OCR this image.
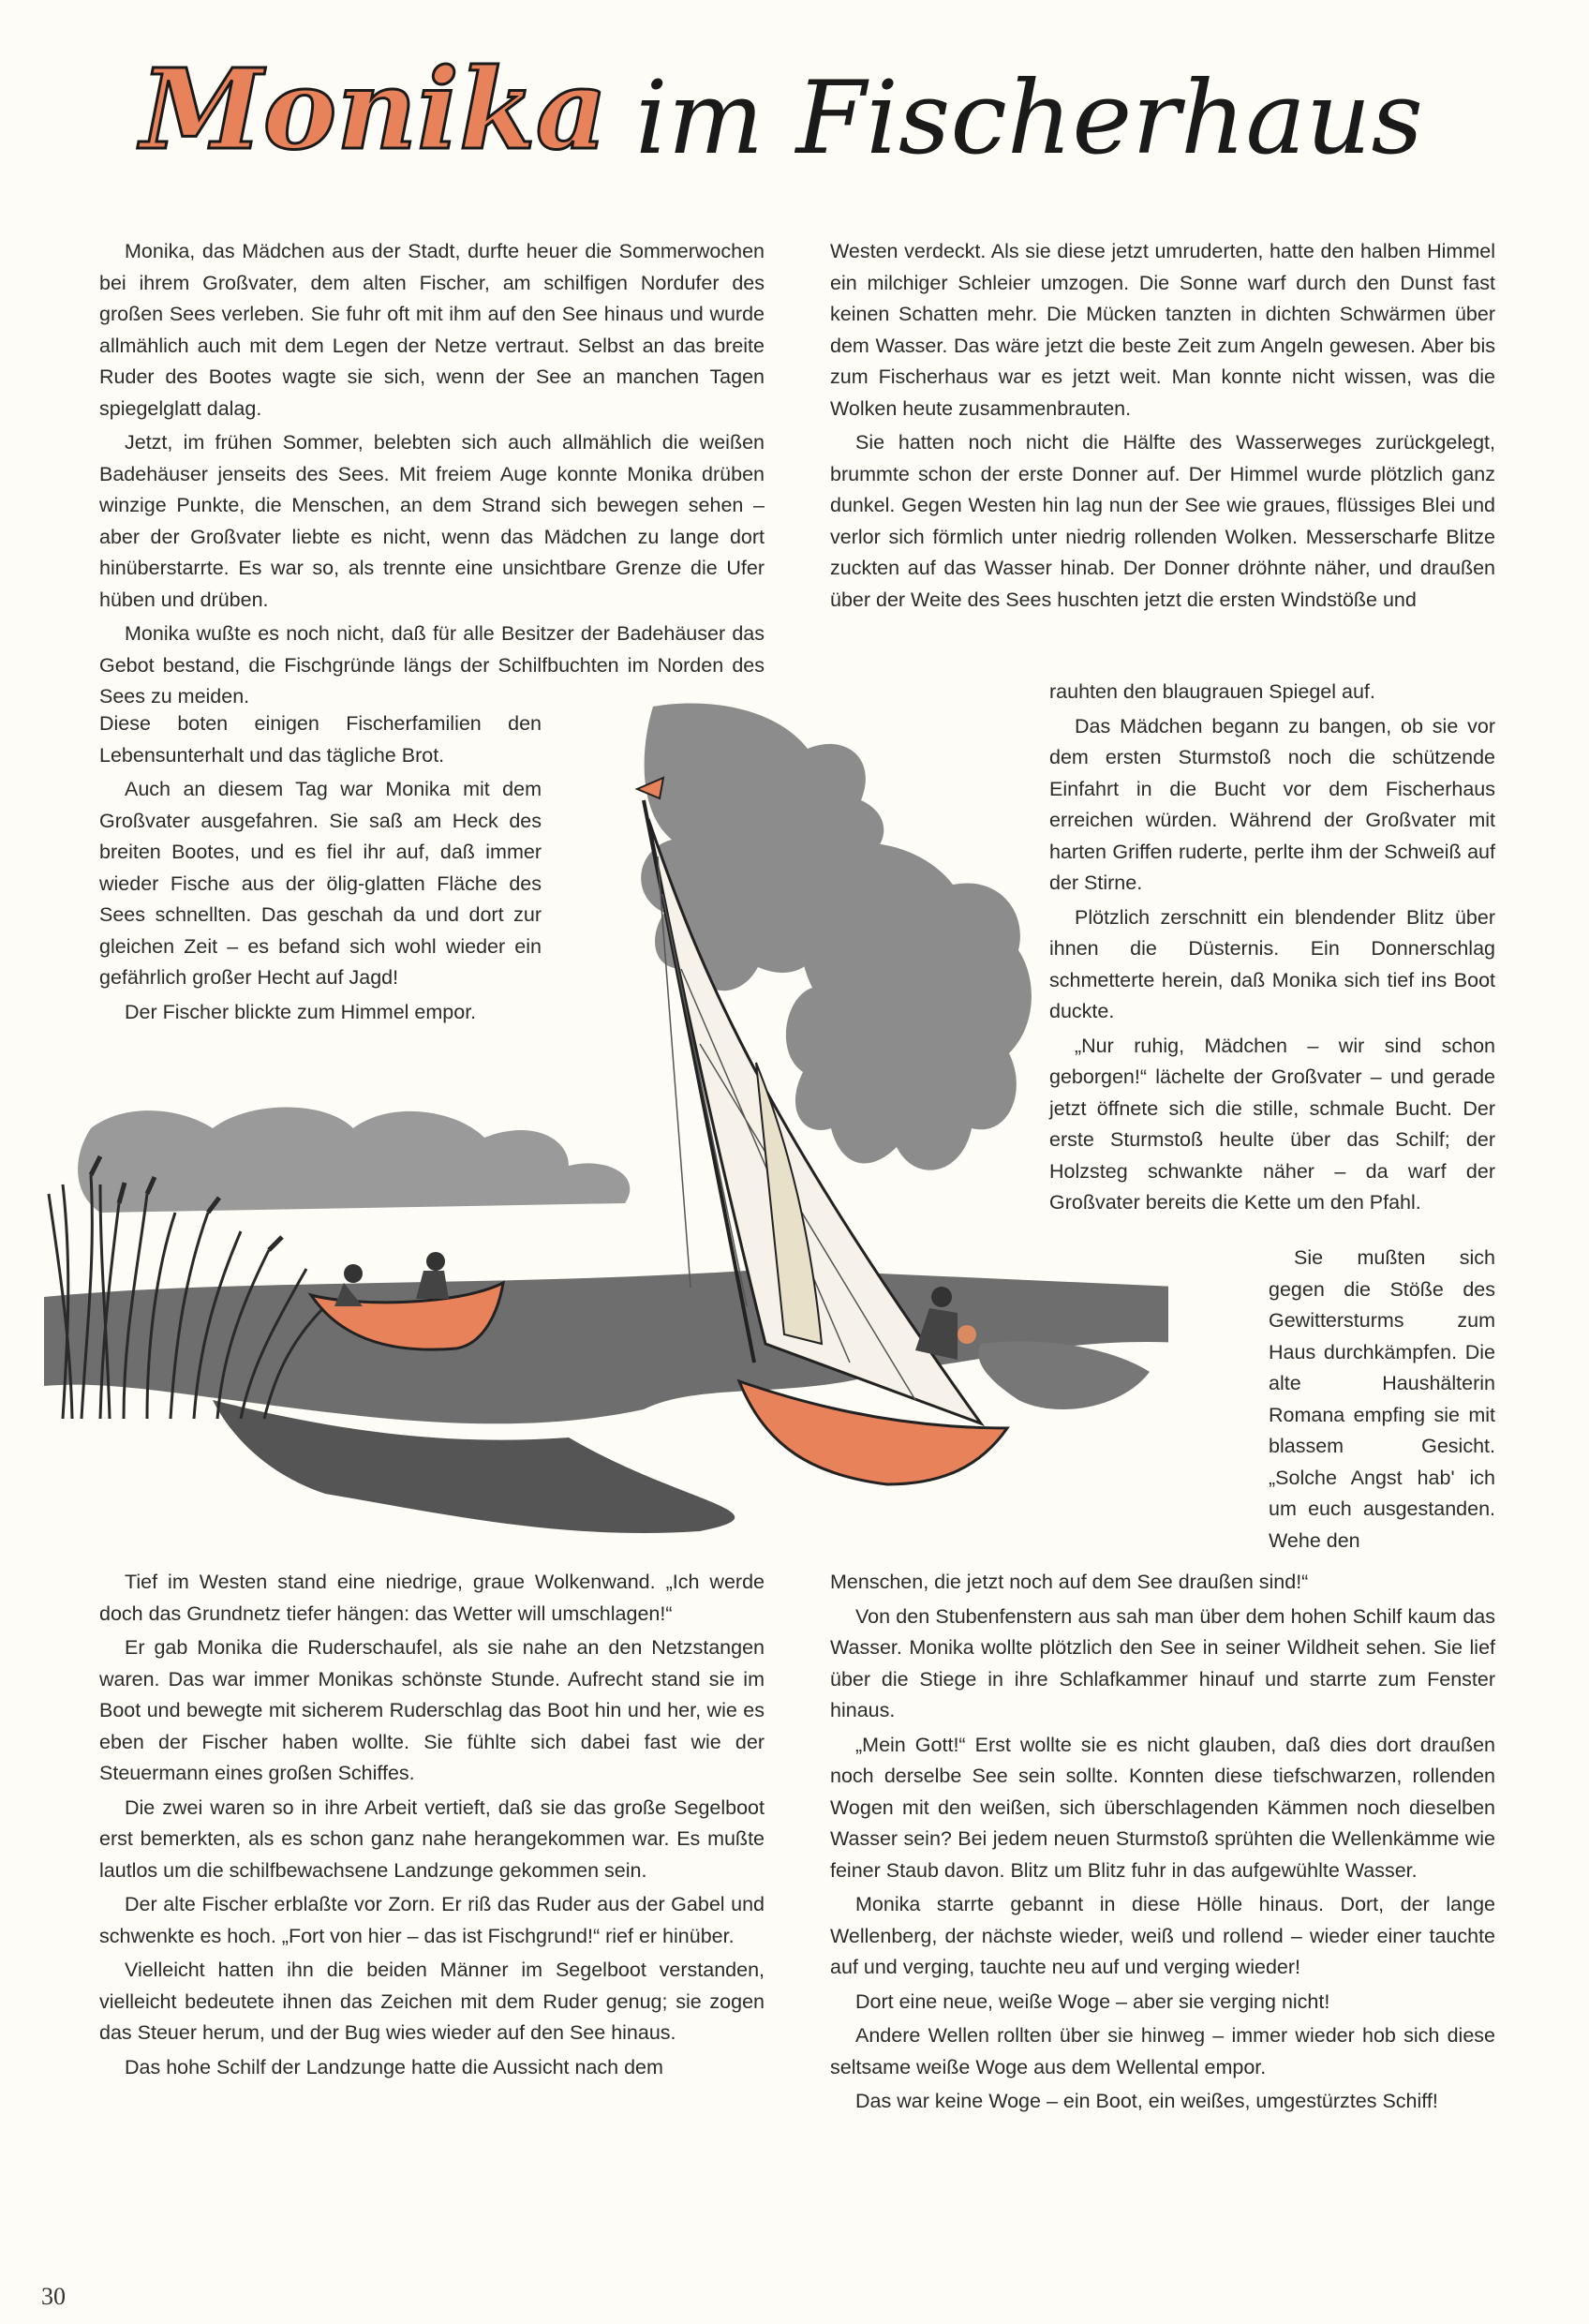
Monika im Fischerhaus

Monika, das Mädchen aus der Stadt, durfte heuer die Sommerwochen bei ihrem Großvater, dem alten Fischer, am schilfigen Nordufer des großen Sees verleben. Sie fuhr oft mit ihm auf den See hinaus und wurde allmählich auch mit dem Legen der Netze vertraut. Selbst an das breite Ruder des Bootes wagte sie sich, wenn der See an manchen Tagen spiegelglatt dalag.

Jetzt, im frühen Sommer, belebten sich auch allmählich die weißen Badehäuser jenseits des Sees. Mit freiem Auge konnte Monika drüben winzige Punkte, die Menschen, an dem Strand sich bewegen sehen – aber der Großvater liebte es nicht, wenn das Mädchen zu lange dort hinüberstarrte. Es war so, als trennte eine unsichtbare Grenze die Ufer hüben und drüben.

Monika wußte es noch nicht, daß für alle Besitzer der Badehäuser das Gebot bestand, die Fischgründe längs der Schilfbuchten im Norden des Sees zu meiden.

Diese boten einigen Fischerfamilien den Lebensunterhalt und das tägliche Brot.

Auch an diesem Tag war Monika mit dem Großvater ausgefahren. Sie saß am Heck des breiten Bootes, und es fiel ihr auf, daß immer wieder Fische aus der ölig-glatten Fläche des Sees schnellten. Das geschah da und dort zur gleichen Zeit – es befand sich wohl wieder ein gefährlich großer Hecht auf Jagd!

Der Fischer blickte zum Himmel empor.

Tief im Westen stand eine niedrige, graue Wolkenwand. „Ich werde doch das Grundnetz tiefer hängen: das Wetter will umschlagen!“

Er gab Monika die Ruderschaufel, als sie nahe an den Netzstangen waren. Das war immer Monikas schönste Stunde. Aufrecht stand sie im Boot und bewegte mit sicherem Ruderschlag das Boot hin und her, wie es eben der Fischer haben wollte. Sie fühlte sich dabei fast wie der Steuermann eines großen Schiffes.

Die zwei waren so in ihre Arbeit vertieft, daß sie das große Segelboot erst bemerkten, als es schon ganz nahe herangekommen war. Es mußte lautlos um die schilfbewachsene Landzunge gekommen sein.

Der alte Fischer erblaßte vor Zorn. Er riß das Ruder aus der Gabel und schwenkte es hoch. „Fort von hier – das ist Fischgrund!“ rief er hinüber.

Vielleicht hatten ihn die beiden Männer im Segelboot verstanden, vielleicht bedeutete ihnen das Zeichen mit dem Ruder genug; sie zogen das Steuer herum, und der Bug wies wieder auf den See hinaus.

Das hohe Schilf der Landzunge hatte die Aussicht nach dem

Westen verdeckt. Als sie diese jetzt umruderten, hatte den halben Himmel ein milchiger Schleier umzogen. Die Sonne warf durch den Dunst fast keinen Schatten mehr. Die Mücken tanzten in dichten Schwärmen über dem Wasser. Das wäre jetzt die beste Zeit zum Angeln gewesen. Aber bis zum Fischerhaus war es jetzt weit. Man konnte nicht wissen, was die Wolken heute zusammenbrauten.

Sie hatten noch nicht die Hälfte des Wasserweges zurückgelegt, brummte schon der erste Donner auf. Der Himmel wurde plötzlich ganz dunkel. Gegen Westen hin lag nun der See wie graues, flüssiges Blei und verlor sich förmlich unter niedrig rollenden Wolken. Messerscharfe Blitze zuckten auf das Wasser hinab. Der Donner dröhnte näher, und draußen über der Weite des Sees huschten jetzt die ersten Windstöße und

rauhten den blaugrauen Spiegel auf.

Das Mädchen begann zu bangen, ob sie vor dem ersten Sturmstoß noch die schützende Einfahrt in die Bucht vor dem Fischerhaus erreichen würden. Während der Großvater mit harten Griffen ruderte, perlte ihm der Schweiß auf der Stirne.

Plötzlich zerschnitt ein blendender Blitz über ihnen die Düsternis. Ein Donnerschlag schmetterte herein, daß Monika sich tief ins Boot duckte.

„Nur ruhig, Mädchen – wir sind schon geborgen!“ lächelte der Großvater – und gerade jetzt öffnete sich die stille, schmale Bucht. Der erste Sturmstoß heulte über das Schilf; der Holzsteg schwankte näher – da warf der Großvater bereits die Kette um den Pfahl.

Sie mußten sich gegen die Stöße des Gewittersturms zum Haus durchkämpfen. Die alte Haushälterin Romana empfing sie mit blassem Gesicht. „Solche Angst hab' ich um euch ausgestanden. Wehe den

Menschen, die jetzt noch auf dem See draußen sind!“

Von den Stubenfenstern aus sah man über dem hohen Schilf kaum das Wasser. Monika wollte plötzlich den See in seiner Wildheit sehen. Sie lief über die Stiege in ihre Schlafkammer hinauf und starrte zum Fenster hinaus.

„Mein Gott!“ Erst wollte sie es nicht glauben, daß dies dort draußen noch derselbe See sein sollte. Konnten diese tiefschwarzen, rollenden Wogen mit den weißen, sich überschlagenden Kämmen noch dieselben Wasser sein? Bei jedem neuen Sturmstoß sprühten die Wellenkämme wie feiner Staub davon. Blitz um Blitz fuhr in das aufgewühlte Wasser.

Monika starrte gebannt in diese Hölle hinaus. Dort, der lange Wellenberg, der nächste wieder, weiß und rollend – wieder einer tauchte auf und verging, tauchte neu auf und verging wieder!

Dort eine neue, weiße Woge – aber sie verging nicht!

Andere Wellen rollten über sie hinweg – immer wieder hob sich diese seltsame weiße Woge aus dem Wellental empor.

Das war keine Woge – ein Boot, ein weißes, umgestürztes Schiff!

30
